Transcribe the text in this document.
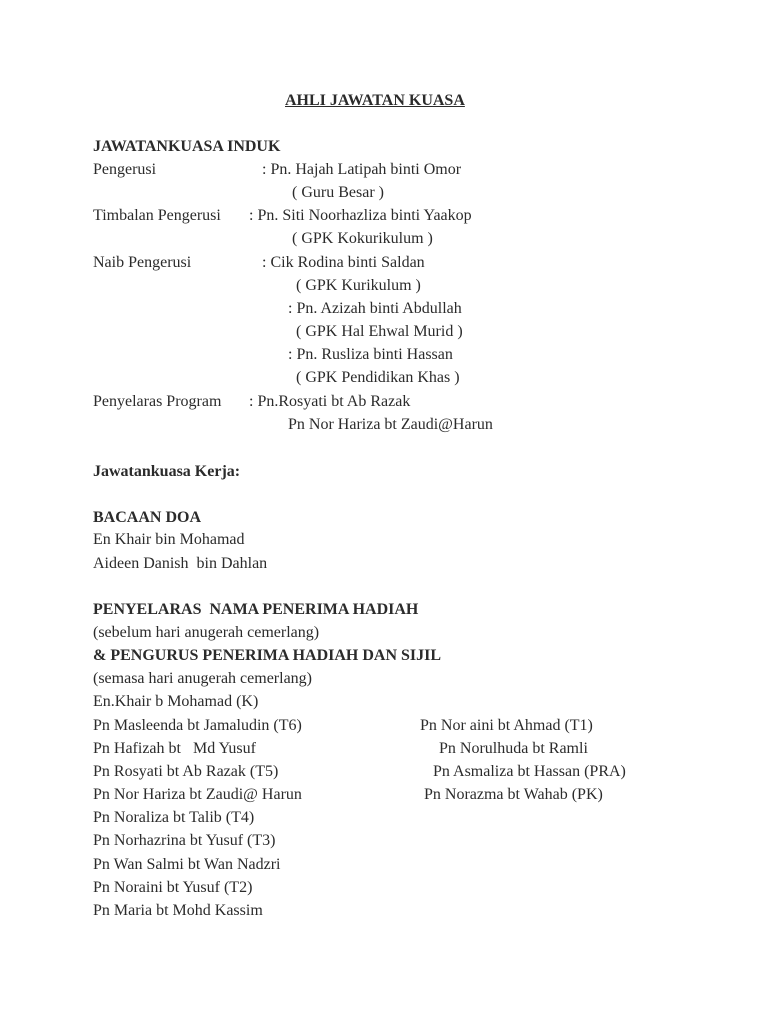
AHLI JAWATAN KUASA
JAWATANKUASA INDUK
Pengerusi	: Pn. Hajah Latipah binti Omor
( Guru Besar )
Timbalan Pengerusi : Pn. Siti Noorhazliza binti Yaakop
( GPK Kokurikulum )
Naib Pengerusi	: Cik Rodina binti Saldan
( GPK Kurikulum )
: Pn. Azizah binti Abdullah
( GPK Hal Ehwal Murid )
: Pn. Rusliza binti Hassan
( GPK Pendidikan Khas )
Penyelaras Program : Pn.Rosyati bt Ab Razak
Pn Nor Hariza bt Zaudi@Harun
Jawatankuasa Kerja:
BACAAN DOA
En Khair bin Mohamad
Aideen Danish  bin Dahlan
PENYELARAS  NAMA PENERIMA HADIAH
(sebelum hari anugerah cemerlang)
& PENGURUS PENERIMA HADIAH DAN SIJIL
(semasa hari anugerah cemerlang)
En.Khair b Mohamad (K)
Pn Masleenda bt Jamaludin (T6)
Pn Hafizah bt   Md Yusuf
Pn Rosyati bt Ab Razak (T5)
Pn Nor Hariza bt Zaudi@ Harun
Pn Noraliza bt Talib (T4)
Pn Norhazrina bt Yusuf (T3)
Pn Wan Salmi bt Wan Nadzri
Pn Noraini bt Yusuf (T2)
Pn Maria bt Mohd Kassim
Pn Nor aini bt Ahmad (T1)
Pn Norulhuda bt Ramli
Pn Asmaliza bt Hassan (PRA)
Pn Norazma bt Wahab (PK)
